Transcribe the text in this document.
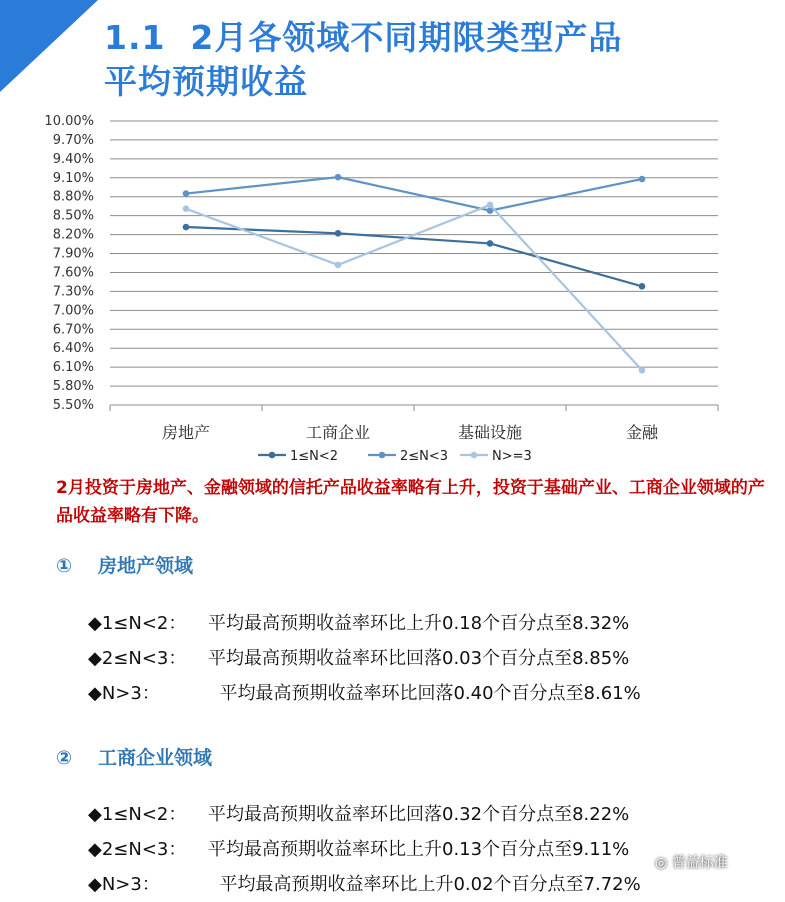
1.1  2月各领域不同期限类型产品
平均预期收益
5.50%
5.80%
6.10%
6.40%
6.70%
7.00%
7.30%
7.60%
7.90%
8.20%
8.50%
8.80%
9.10%
9.40%
9.70%
10.00%
房地产	工商企业	基础设施	金融
1≤N<2	2≤N<3	N>=3

2月投资于房地产、金融领域的信托产品收益率略有上升，投资于基础产业、工商企业领域的产品收益率略有下降。

① 房地产领域
◆1≤N<2： 平均最高预期收益率环比上升0.18个百分点至8.32%
◆2≤N<3： 平均最高预期收益率环比回落0.03个百分点至8.85%
◆N>3：	平均最高预期收益率环比回落0.40个百分点至8.61%
② 工商企业领域
◆1≤N<2： 平均最高预期收益率环比回落0.32个百分点至8.22%
◆2≤N<3： 平均最高预期收益率环比上升0.13个百分点至9.11%
◆N>3：	平均最高预期收益率环比上升0.02个百分点至7.72%
◎ 普益标准
